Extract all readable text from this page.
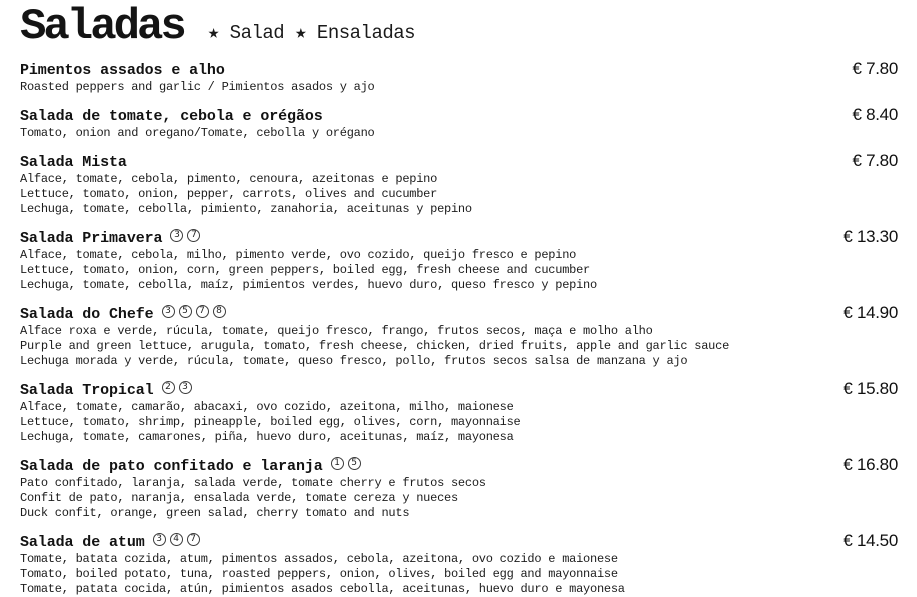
Saladas ★ Salad ★ Ensaladas
Pimentos assados e alho	€ 7.80
Roasted peppers and garlic / Pimientos asados y ajo
Salada de tomate, cebola e orégãos	€ 8.40
Tomato, onion and oregano/Tomate, cebolla y orégano
Salada Mista	€ 7.80
Alface, tomate, cebola, pimento, cenoura, azeitonas e pepino
Lettuce, tomato, onion, pepper, carrots, olives and cucumber
Lechuga, tomate, cebolla, pimiento, zanahoria, aceitunas y pepino
Salada Primavera	3	7	€ 13.30
Alface, tomate, cebola, milho, pimento verde, ovo cozido, queijo fresco e pepino
Lettuce, tomato, onion, corn, green peppers, boiled egg, fresh cheese and cucumber
Lechuga, tomate, cebolla, maíz, pimientos verdes, huevo duro, queso fresco y pepino
Salada do Chefe	3	5	7	8	€ 14.90
Alface roxa e verde, rúcula, tomate, queijo fresco, frango, frutos secos, maça e molho alho
Purple and green lettuce, arugula, tomato, fresh cheese, chicken, dried fruits, apple and garlic sauce
Lechuga morada y verde, rúcula, tomate, queso fresco, pollo, frutos secos salsa de manzana y ajo
Salada Tropical	2	3	€ 15.80
Alface, tomate, camarão, abacaxi, ovo cozido, azeitona, milho, maionese
Lettuce, tomato, shrimp, pineapple, boiled egg, olives, corn, mayonnaise
Lechuga, tomate, camarones, piña, huevo duro, aceitunas, maíz, mayonesa
Salada de pato confitado e laranja	1	5	€ 16.80
Pato confitado, laranja, salada verde, tomate cherry e frutos secos
Confit de pato, naranja, ensalada verde, tomate cereza y nueces
Duck confit, orange, green salad, cherry tomato and nuts
Salada de atum	3	4	7	€ 14.50
Tomate, batata cozida, atum, pimentos assados, cebola, azeitona, ovo cozido e maionese
Tomato, boiled potato, tuna, roasted peppers, onion, olives, boiled egg and mayonnaise
Tomate, patata cocida, atún, pimientos asados cebolla, aceitunas, huevo duro e mayonesa
